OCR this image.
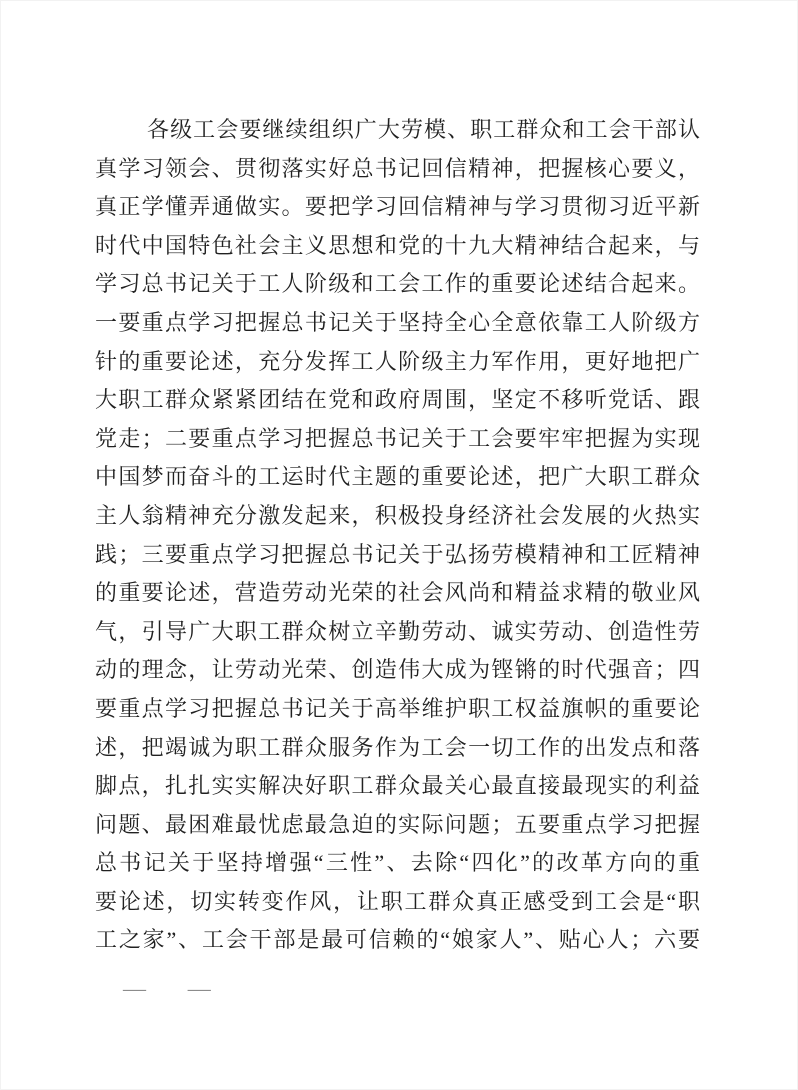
各级工会要继续组织广大劳模、职工群众和工会干部认
真学习领会、贯彻落实好总书记回信精神，把握核心要义，
真正学懂弄通做实。要把学习回信精神与学习贯彻习近平新
时代中国特色社会主义思想和党的十九大精神结合起来，与
学习总书记关于工人阶级和工会工作的重要论述结合起来。
一要重点学习把握总书记关于坚持全心全意依靠工人阶级方
针的重要论述，充分发挥工人阶级主力军作用，更好地把广
大职工群众紧紧团结在党和政府周围，坚定不移听党话、跟
党走；二要重点学习把握总书记关于工会要牢牢把握为实现
中国梦而奋斗的工运时代主题的重要论述，把广大职工群众
主人翁精神充分激发起来，积极投身经济社会发展的火热实
践；三要重点学习把握总书记关于弘扬劳模精神和工匠精神
的重要论述，营造劳动光荣的社会风尚和精益求精的敬业风
气，引导广大职工群众树立辛勤劳动、诚实劳动、创造性劳
动的理念，让劳动光荣、创造伟大成为铿锵的时代强音；四
要重点学习把握总书记关于高举维护职工权益旗帜的重要论
述，把竭诚为职工群众服务作为工会一切工作的出发点和落
脚点，扎扎实实解决好职工群众最关心最直接最现实的利益
问题、最困难最忧虑最急迫的实际问题；五要重点学习把握
总书记关于坚持增强“三性”、去除“四化”的改革方向的重
要论述，切实转变作风，让职工群众真正感受到工会是“职
工之家”、工会干部是最可信赖的“娘家人”、贴心人；六要
— —
